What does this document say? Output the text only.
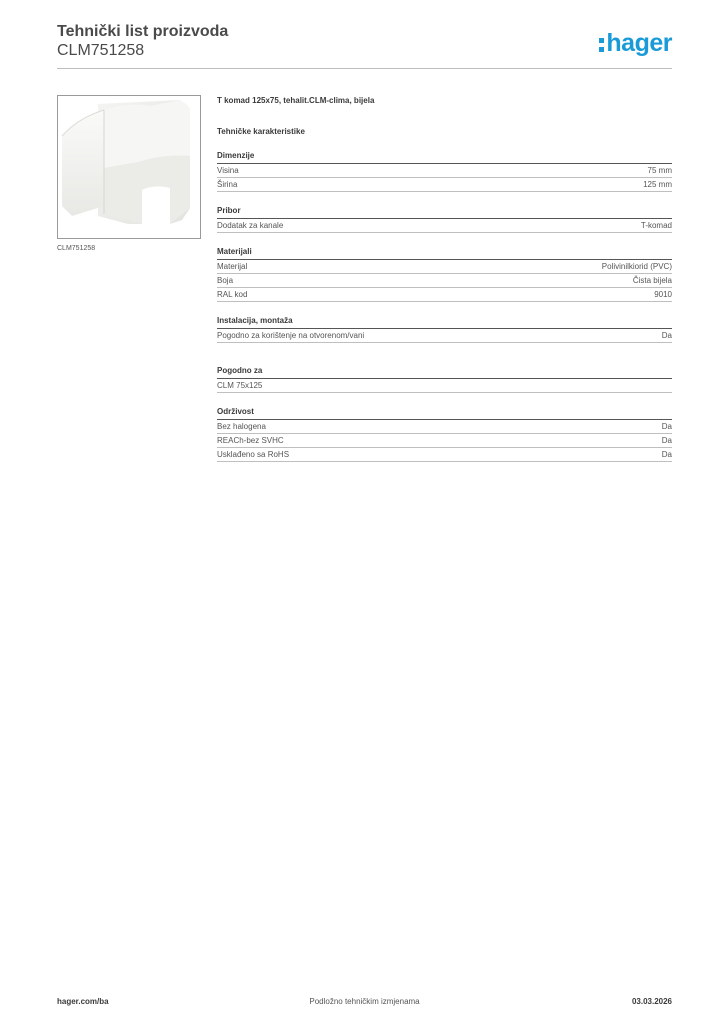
Tehnički list proizvoda
CLM751258	hager
CLM751258
T komad 125x75, tehalit.CLM-clima, bijela
Tehničke karakteristike
Dimenzije
Visina	75 mm
Širina	125 mm
Pribor
Dodatak za kanale	T-komad
Materijali
Materijal	Polivinilkiorid (PVC)
Boja	Čista bijela
RAL kod	9010
Instalacija, montaža
Pogodno za korištenje na otvorenom/vani	Da
Pogodno za
CLM 75x125
Održivost
Bez halogena	Da
REACh-bez SVHC	Da
Usklađeno sa RoHS	Da
hager.com/ba	Podložno tehničkim izmjenama	03.03.2026
